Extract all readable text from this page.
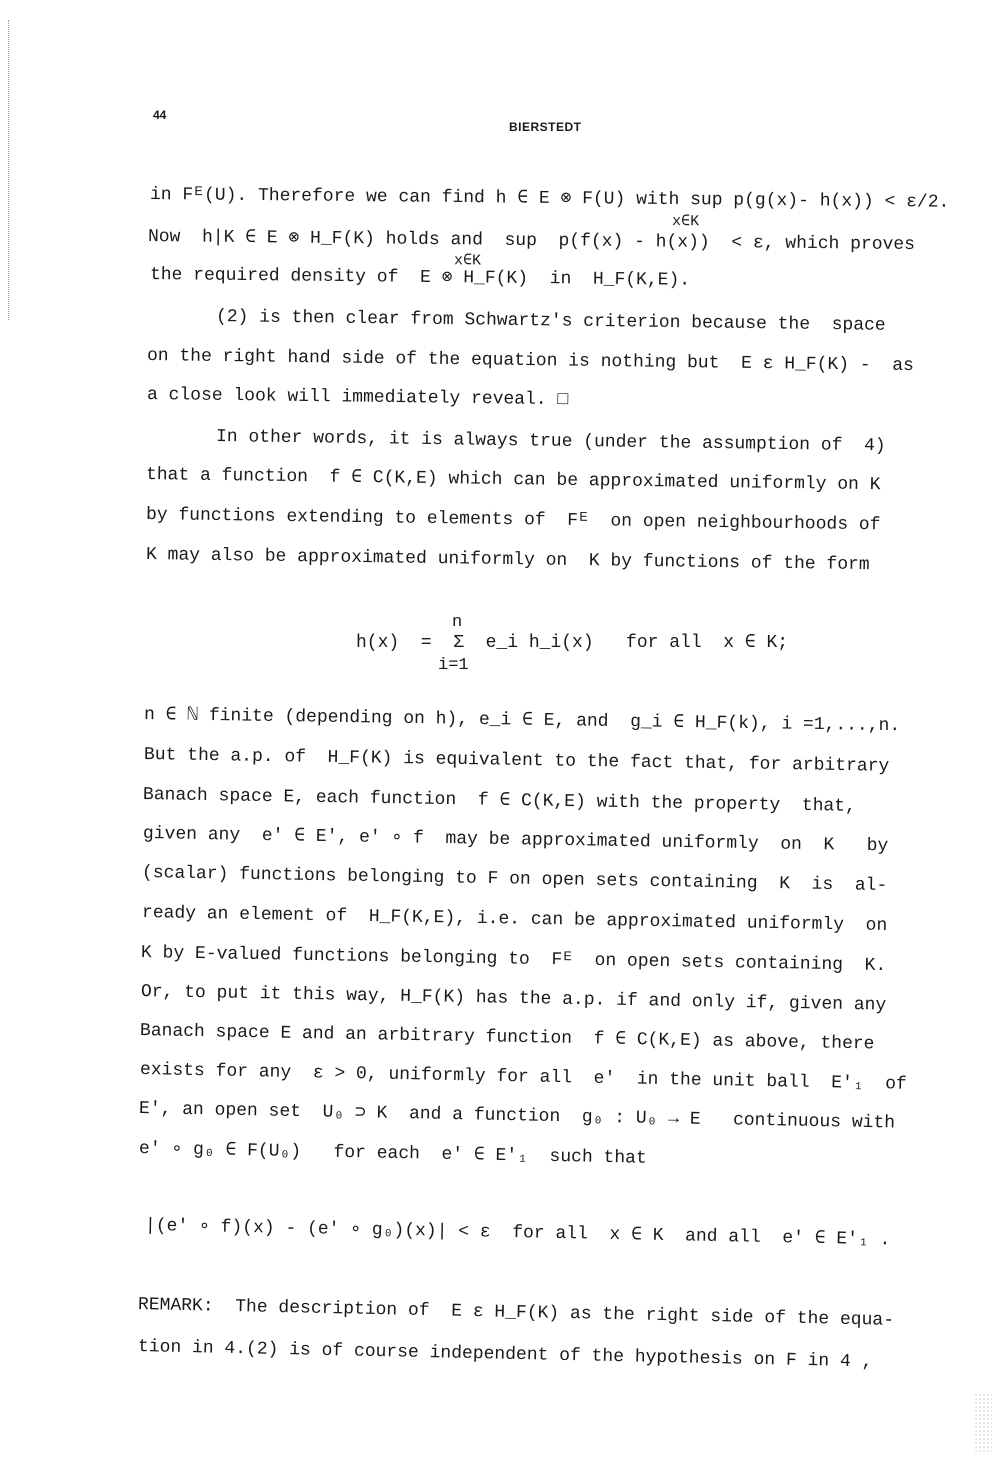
44
BIERSTEDT
in Fᴱ(U). Therefore we can find h ∈ E ⊗ F(U) with sup p(g(x)- h(x)) < ε/2.
x∈K
Now  h|K ∈ E ⊗ H_F(K) holds and  sup  p(f(x) - h(x))  < ε, which proves
x∈K
the required density of  E ⊗ H_F(K)  in  H_F(K,E).
(2) is then clear from Schwartz's criterion because the  space
on the right hand side of the equation is nothing but  E ε H_F(K) -  as
a close look will immediately reveal. □
In other words, it is always true (under the assumption of  4)
that a function  f ∈ C(K,E) which can be approximated uniformly on K
by functions extending to elements of  Fᴱ  on open neighbourhoods of
K may also be approximated uniformly on  K by functions of the form
n
h(x)  =  Σ  e_i h_i(x)   for all  x ∈ K;
i=1
n ∈ ℕ finite (depending on h), e_i ∈ E, and  g_i ∈ H_F(k), i =1,...,n.
But the a.p. of  H_F(K) is equivalent to the fact that, for arbitrary
Banach space E, each function  f ∈ C(K,E) with the property  that,
given any  e' ∈ E', e' ∘ f  may be approximated uniformly  on  K   by
(scalar) functions belonging to F on open sets containing  K  is  al-
ready an element of  H_F(K,E), i.e. can be approximated uniformly  on
K by E-valued functions belonging to  Fᴱ  on open sets containing  K.
Or, to put it this way, H_F(K) has the a.p. if and only if, given any
Banach space E and an arbitrary function  f ∈ C(K,E) as above, there
exists for any  ε > 0, uniformly for all  e'  in the unit ball  E'₁  of
E', an open set  U₀ ⊃ K  and a function  g₀ : U₀ → E   continuous with
e' ∘ g₀ ∈ F(U₀)   for each  e' ∈ E'₁  such that
|(e' ∘ f)(x) - (e' ∘ g₀)(x)| < ε  for all  x ∈ K  and all  e' ∈ E'₁ .
REMARK:  The description of  E ε H_F(K) as the right side of the equa-
tion in 4.(2) is of course independent of the hypothesis on F in 4 ,
